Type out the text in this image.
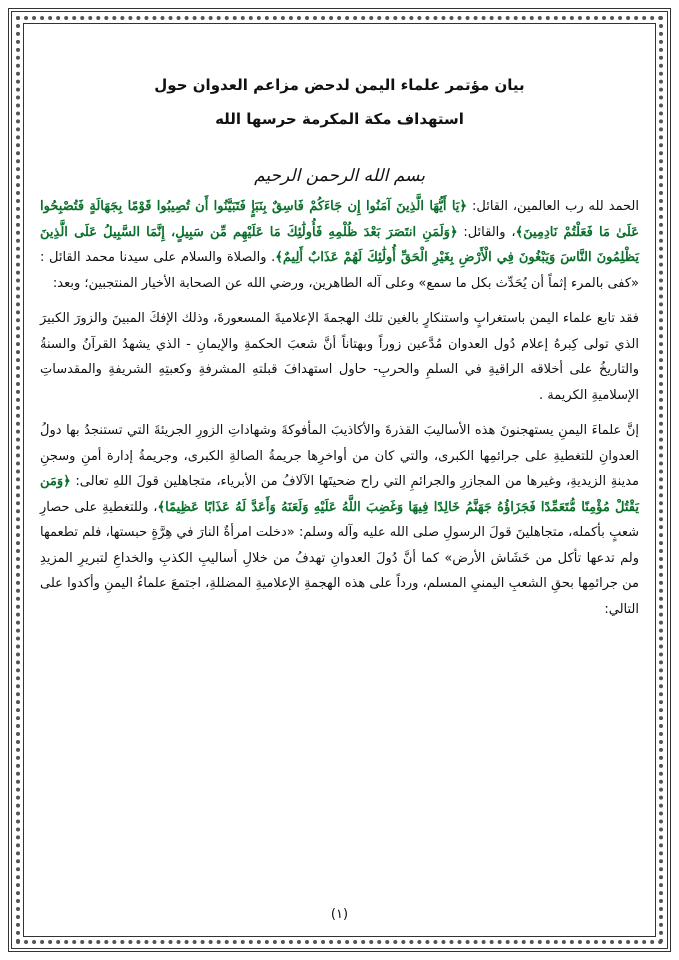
بيان مؤتمر علماء اليمن لدحض مزاعم العدوان حول
استهداف مكة المكرمة حرسها الله
بسم الله الرحمن الرحيم

الحمد لله رب العالمين، القائل: ﴿يَا أَيُّهَا الَّذِينَ آمَنُوا إِن جَاءَكُمْ فَاسِقٌ بِنَبَإٍ فَتَبَيَّنُوا أَن تُصِيبُوا قَوْمًا بِجَهَالَةٍ فَتُصْبِحُوا عَلَىٰ مَا فَعَلْتُمْ نَادِمِينَ﴾، والقائل: ﴿وَلَمَنِ انتَصَرَ بَعْدَ ظُلْمِهِ فَأُولَٰئِكَ مَا عَلَيْهِم مِّن سَبِيلٍ، إِنَّمَا السَّبِيلُ عَلَى الَّذِينَ يَظْلِمُونَ النَّاسَ وَيَبْغُونَ فِي الْأَرْضِ بِغَيْرِ الْحَقِّ أُولَٰئِكَ لَهُمْ عَذَابٌ أَلِيمٌ﴾. والصلاة والسلام على سيدنا محمد القائل : «كفى بالمرء إثماً أن يُحَدِّث بكل ما سمع» وعلى آله الطاهرين، ورضي الله عن الصحابة الأخيار المنتجبين؛ وبعد:

فقد تابع علماء اليمن باستغرابٍ واستنكارٍ بالغين تلك الهجمةَ الإعلاميةَ المسعورةَ، وذلك الإفكَ المبينَ والزورَ الكبيرَ الذي تولى كِبرهُ إعلام دُول العدوان مُدَّعين زوراً وبهتاناً أنَّ شعبَ الحكمةِ والإيمانِ - الذي يشهدُ القرآنُ والسنةُ والتاريخُ على أخلاقه الراقيةِ في السلمِ والحربِ- حاول استهدافَ قبلتهِ المشرفةِ وكعبتِهِ الشريفةِ والمقدساتِ الإسلاميةِ الكريمة .

إنَّ علماءَ اليمنِ يستهجنونَ هذه الأساليبَ القذرةَ والأكاذيبَ المأفوكةَ وشهاداتِ الزورِ الجريئةَ التي تستنجدُ بها دولُ العدوانِ للتغطيةِ على جرائمِها الكبرى، والتي كان من أواخرِها جريمةُ الصالةِ الكبرى، وجريمةُ إدارة أمنِ وسجنِ مدينةِ الزيديةِ، وغيرها من المجازرِ والجرائمِ التي راح ضحيتَها الآلافُ من الأبرياء، متجاهلين قولَ اللهِ تعالى: ﴿وَمَن يَقْتُلْ مُؤْمِنًا مُّتَعَمِّدًا فَجَزَاؤُهُ جَهَنَّمُ خَالِدًا فِيهَا وَغَضِبَ اللَّهُ عَلَيْهِ وَلَعَنَهُ وَأَعَدَّ لَهُ عَذَابًا عَظِيمًا﴾، وللتغطيةِ على حصارِ شعبٍ بأكمله، متجاهلينَ قولَ الرسولِ صلى الله عليه وآله وسلم: «دخلت امرأةٌ النارَ في هِرَّةٍ حبستها، فلم تطعمها ولم تدعها تأكل من خَشَاش الأرض» كما أنَّ دُولَ العدوانِ تهدفُ من خلالِ أساليبِ الكذبِ والخداعِ لتبريرِ المزيدِ من جرائمِها بحقِ الشعبِ اليمنيِ المسلم، ورداً على هذه الهجمةِ الإعلاميةِ المضللةِ، اجتمعَ علماءُ اليمنِ وأكدوا على التالي:

(١)
